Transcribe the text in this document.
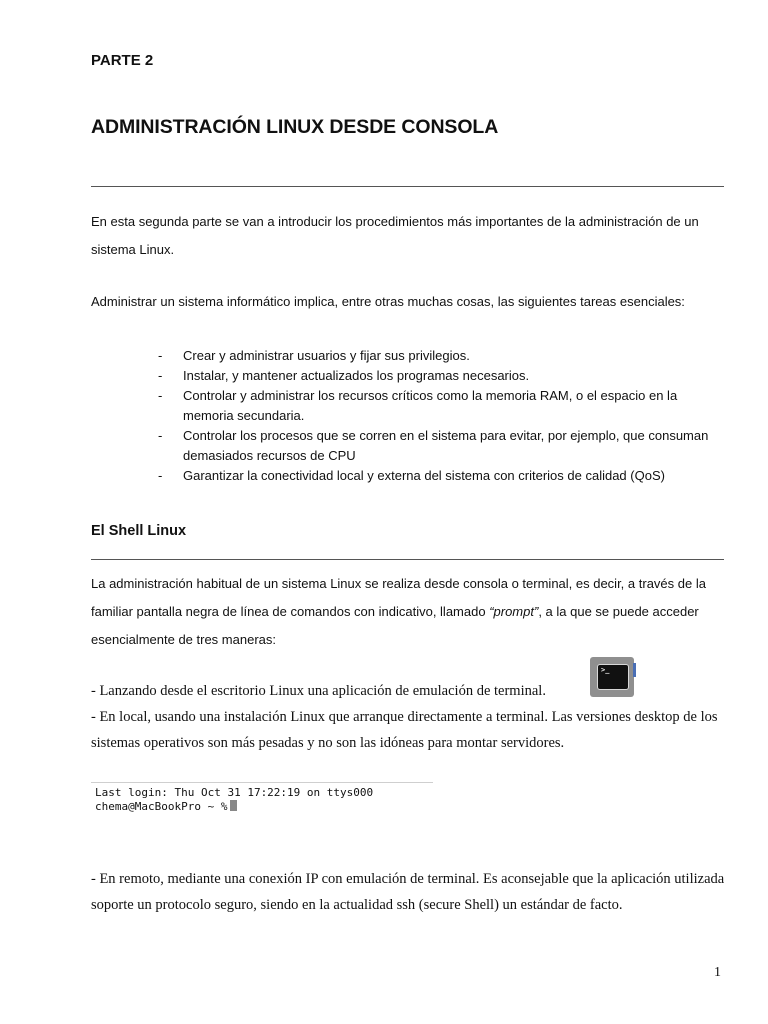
PARTE 2
ADMINISTRACIÓN LINUX DESDE CONSOLA

En esta segunda parte se van a introducir los procedimientos más importantes de la administración de un sistema Linux.

Administrar un sistema informático implica, entre otras muchas cosas, las siguientes tareas esenciales:

- Crear y administrar usuarios y fijar sus privilegios.
- Instalar, y mantener actualizados los programas necesarios.
- Controlar y administrar los recursos críticos como la memoria RAM, o el espacio en la memoria secundaria.
- Controlar los procesos que se corren en el sistema para evitar, por ejemplo, que consuman demasiados recursos de CPU
- Garantizar la conectividad local y externa del sistema con criterios de calidad (QoS)
El Shell Linux

La administración habitual de un sistema Linux se realiza desde consola o terminal, es decir, a través de la familiar pantalla negra de línea de comandos con indicativo, llamado “prompt”, a la que se puede acceder esencialmente de tres maneras:

- Lanzando desde el escritorio Linux una aplicación de emulación de terminal.

>_

- En local, usando una instalación Linux que arranque directamente a terminal. Las versiones desktop de los sistemas operativos son más pesadas y no son las idóneas para montar servidores.

Last login: Thu Oct 31 17:22:19 on ttys000
chema@MacBookPro ~ %

- En remoto, mediante una conexión IP con emulación de terminal. Es aconsejable que la aplicación utilizada soporte un protocolo seguro, siendo en la actualidad ssh (secure Shell) un estándar de facto.

1
